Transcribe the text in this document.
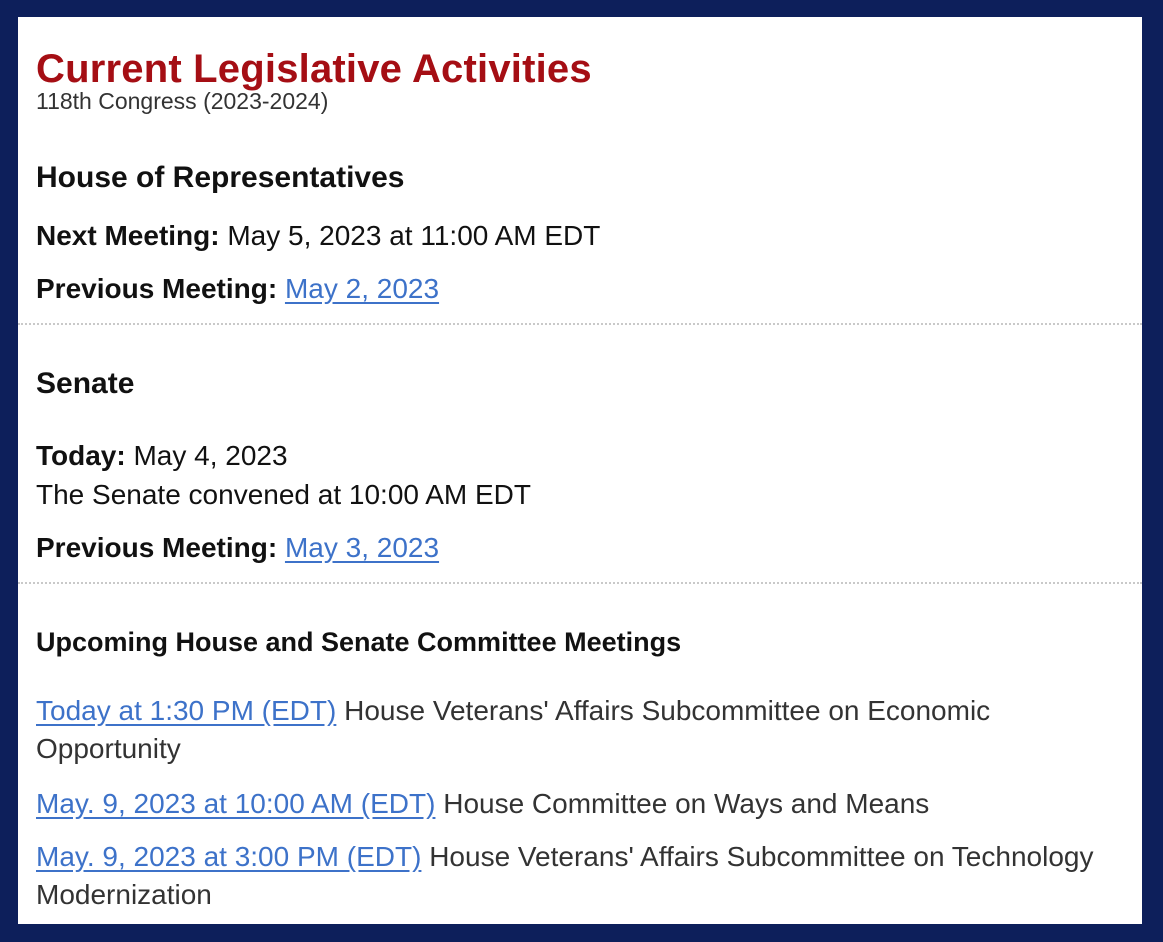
Current Legislative Activities
118th Congress (2023-2024)
House of Representatives
Next Meeting: May 5, 2023 at 11:00 AM EDT
Previous Meeting: May 2, 2023
Senate
Today: May 4, 2023
The Senate convened at 10:00 AM EDT
Previous Meeting: May 3, 2023
Upcoming House and Senate Committee Meetings
Today at 1:30 PM (EDT) House Veterans' Affairs Subcommittee on Economic Opportunity
May. 9, 2023 at 10:00 AM (EDT) House Committee on Ways and Means
May. 9, 2023 at 3:00 PM (EDT) House Veterans' Affairs Subcommittee on Technology Modernization
